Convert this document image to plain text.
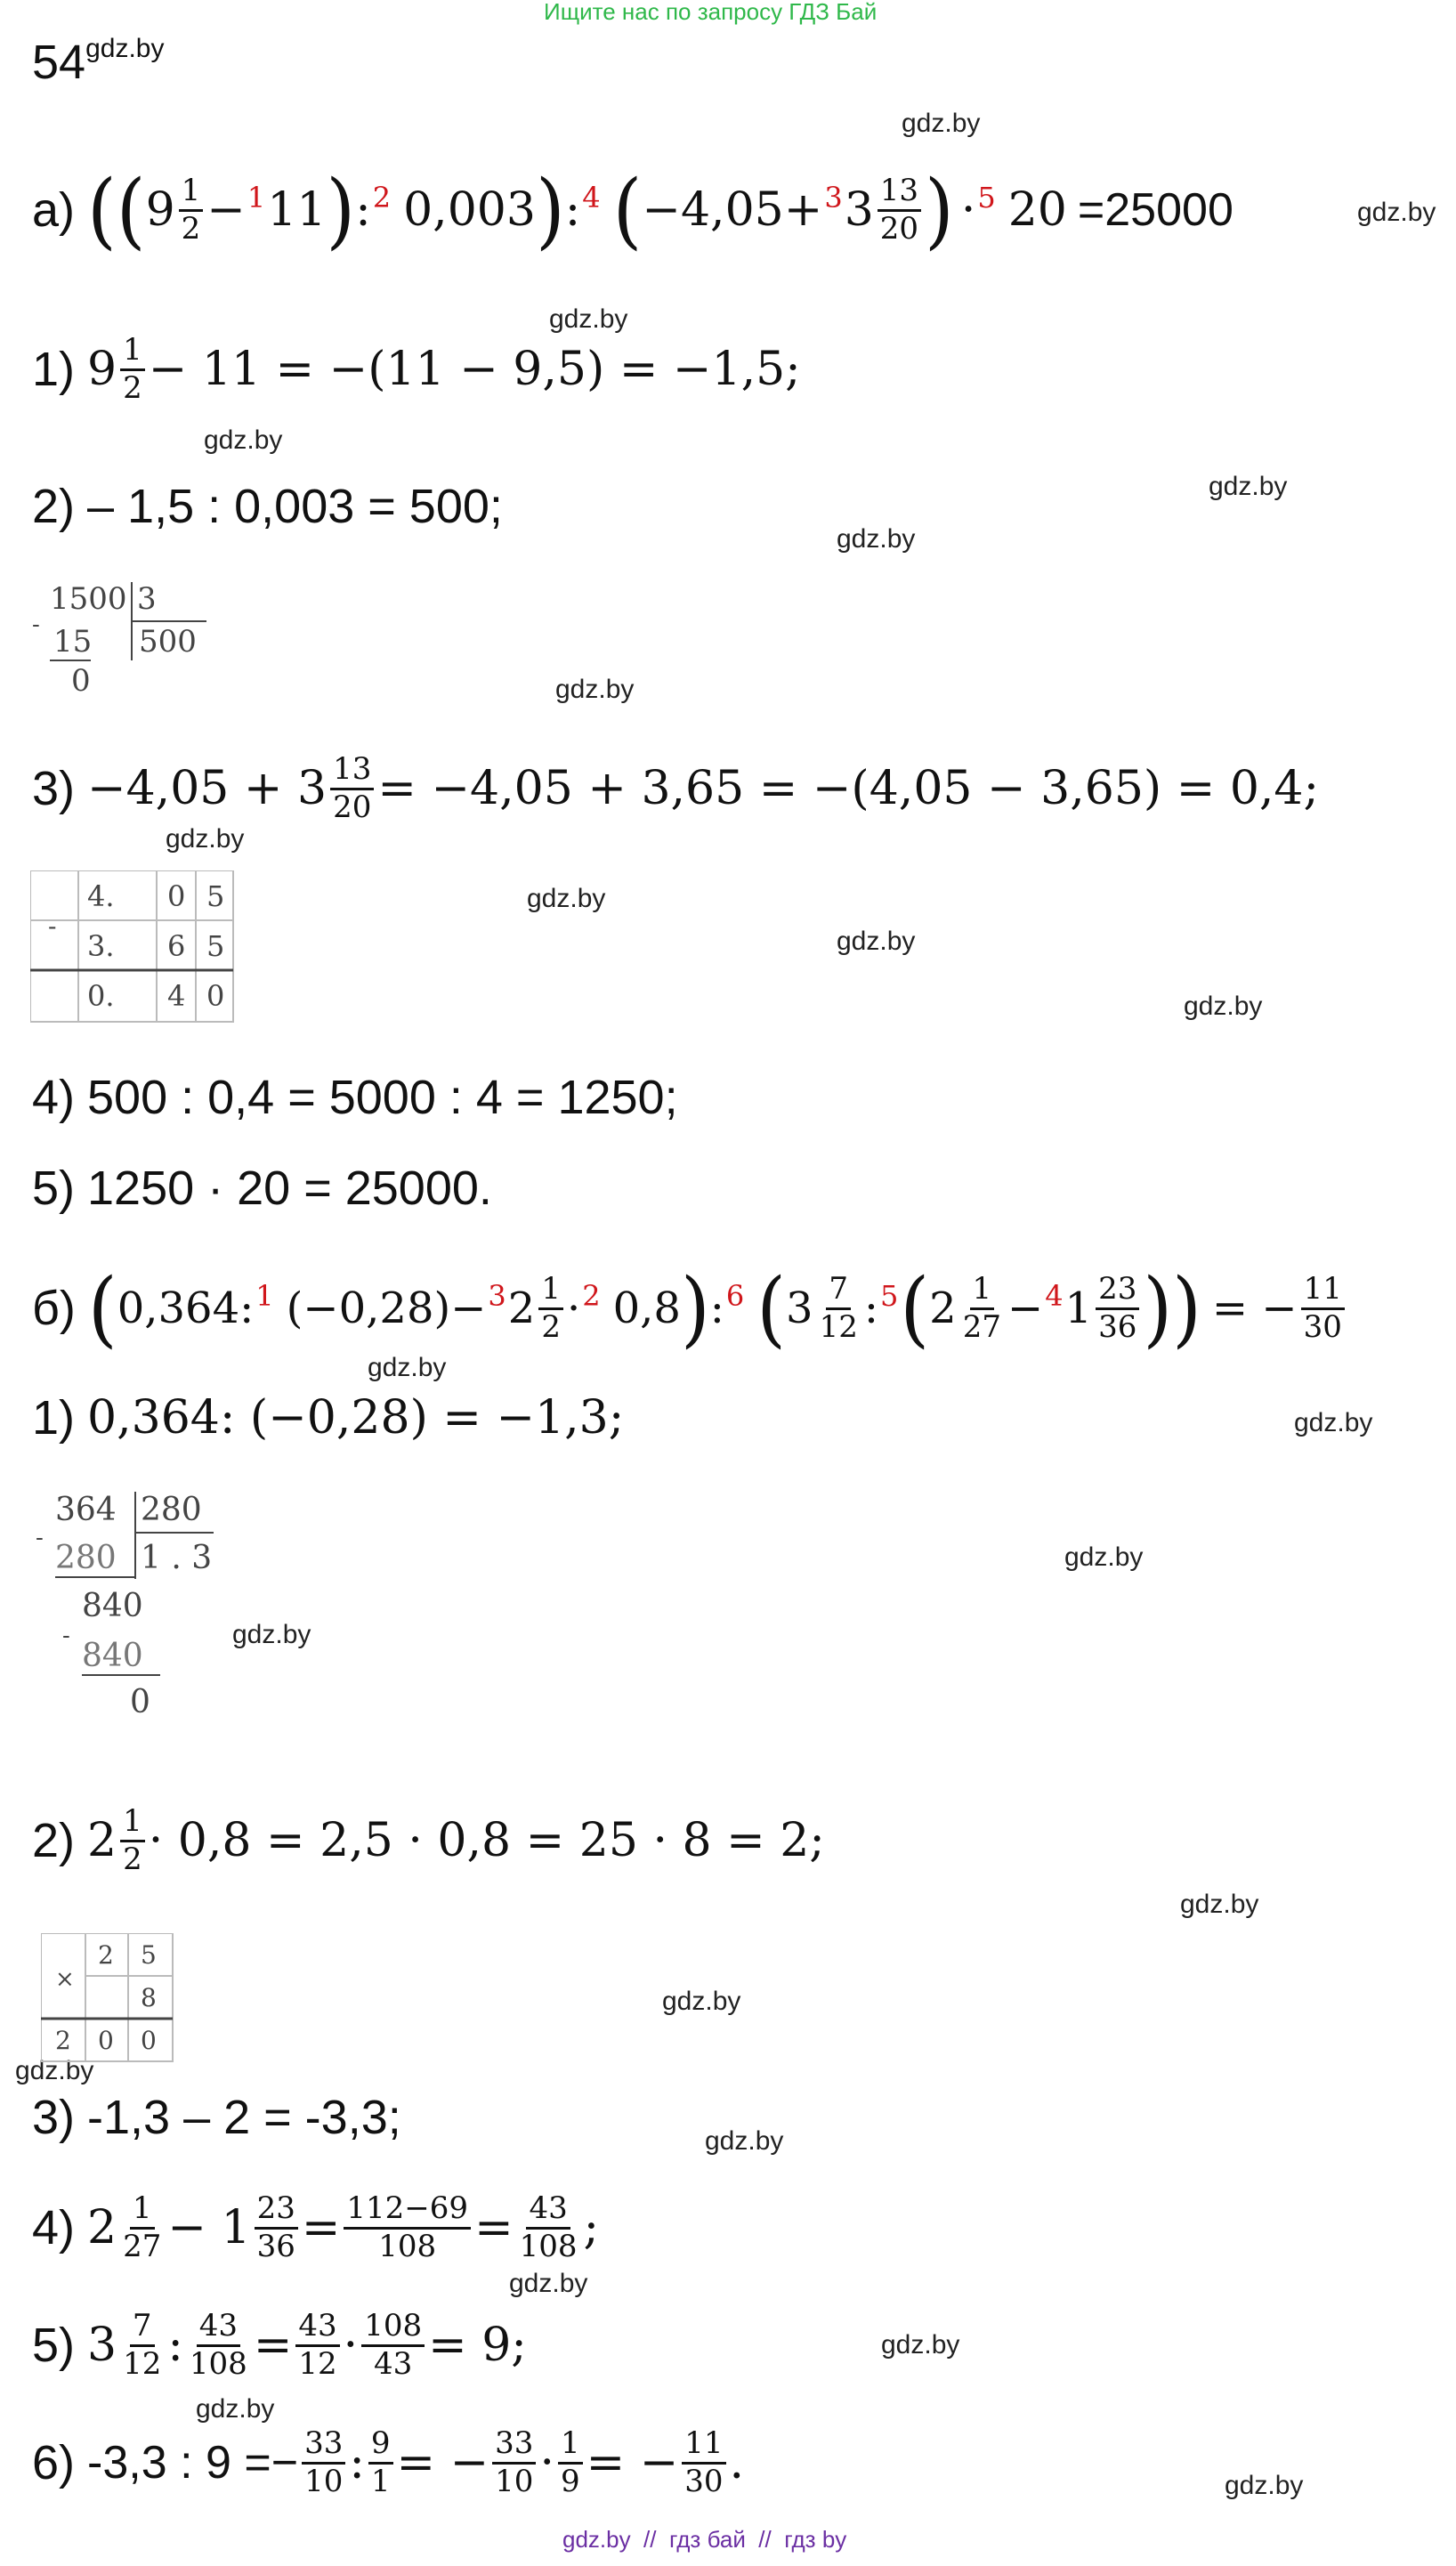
Ищите нас по запросу ГДЗ Бай
$54^{gdz.by}$
gdz.by
gdz.by
gdz.by
gdz.by
gdz.by
gdz.by
gdz.by
gdz.by
gdz.by
gdz.by
gdz.by
gdz.by
gdz.by
gdz.by
gdz.by
gdz.by
gdz.by
gdz.by
gdz.by
gdz.by
gdz.by
gdz.by
gdz.by
а) (( $9 \frac{1}{2} - 1$ 11 ) : 2 0,003 ) : 4 ( −4,05+ 3 $3 \frac{13}{20}$ ) · 5 20 =25000
1) $9 \frac{1}{2} - 11 = -(11 - 9,5) = -1,5$;
2) – 1,5 : 0,003 = 500;
-
1500 3
500
15
0
$3) -4,05 + 3 \frac{13}{20} = -4,05 + 3,65 = -(4,05 - 3,65) = 0,4$;
-
4. 0 5
3. 6 5
0. 4 0
4) 500 : 0,4 = 5000 : 4 = 1250;
5) 1250 · 20 = 25000.
б) ( 0,364: 1 (−0,28)− 3 $2 \frac{1}{2} \cdot 2$ 0,8 ) : 6 ( $3 \frac{7}{12}$ : 5 ( $2 \frac{1}{27} - 4$ $1 \frac{23}{36}$ )) = − $\frac{11}{30}$
1) 0,364: (−0,28) = −1,3;
-
364 280
1 . 3
280
840
-
840
0
2) $2 \frac{1}{2} \cdot 0,8 = 2,5 \cdot 0,8 = 25 \cdot 8 = 2$;
×
2 5
8
2 0 0
3) -1,3 – 2 = -3,3;
4) $2 \frac{1}{27} - 1 \frac{23}{36} = \frac{112-69}{108} = \frac{43}{108}$ ;
5) $3 \frac{7}{12}$ : $\frac{43}{108} = \frac{43}{12} \cdot \frac{108}{43} = 9$;
6) -3,3 : $9 =- \frac{33}{10}$ : $\frac{9}{1}$ = − $\frac{33}{10} \cdot \frac{1}{9}$ = − $\frac{11}{30}$ .
gdz.by  //  гдз бай  //  гдз by
